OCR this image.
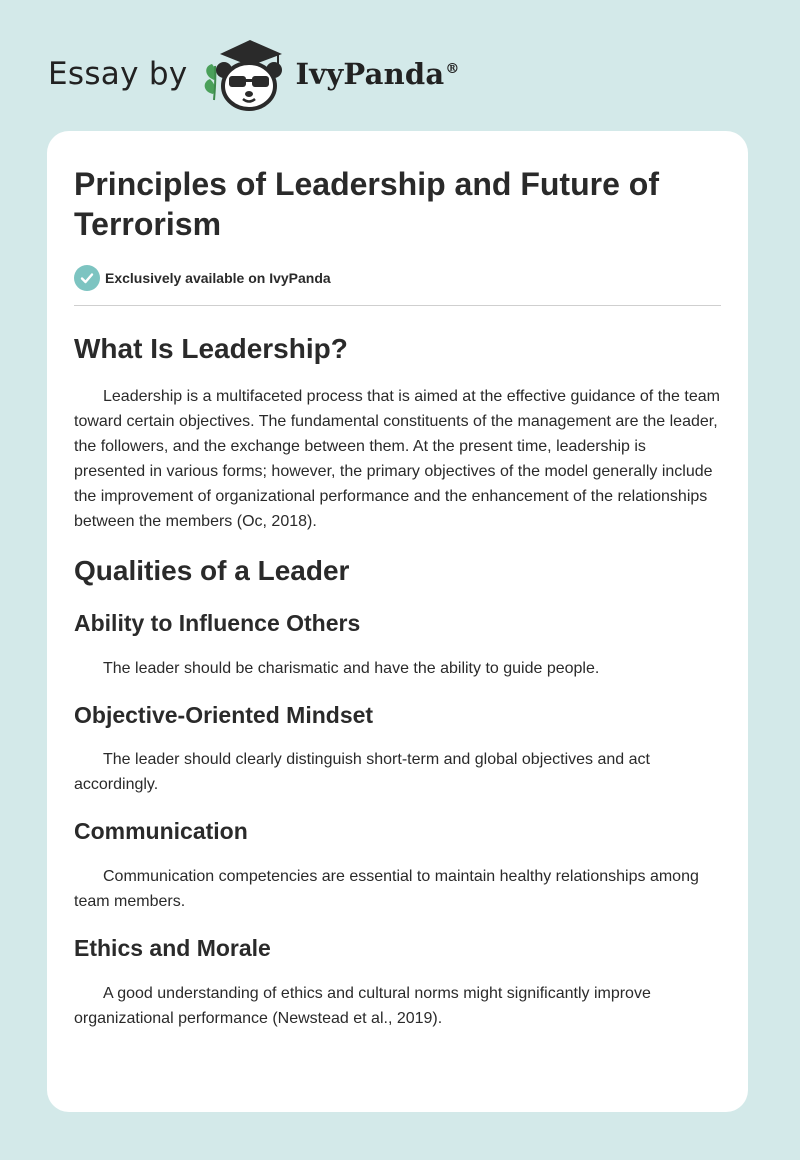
Essay by	IvyPanda®
Principles of Leadership and Future of Terrorism
Exclusively available on IvyPanda
What Is Leadership?

Leadership is a multifaceted process that is aimed at the effective guidance of the team toward certain objectives. The fundamental constituents of the management are the leader, the followers, and the exchange between them. At the present time, leadership is presented in various forms; however, the primary objectives of the model generally include the improvement of organizational performance and the enhancement of the relationships between the members (Oc, 2018).

Qualities of a Leader
Ability to Influence Others

The leader should be charismatic and have the ability to guide people.

Objective-Oriented Mindset

The leader should clearly distinguish short-term and global objectives and act accordingly.

Communication

Communication competencies are essential to maintain healthy relationships among team members.

Ethics and Morale

A good understanding of ethics and cultural norms might significantly improve organizational performance (Newstead et al., 2019).
